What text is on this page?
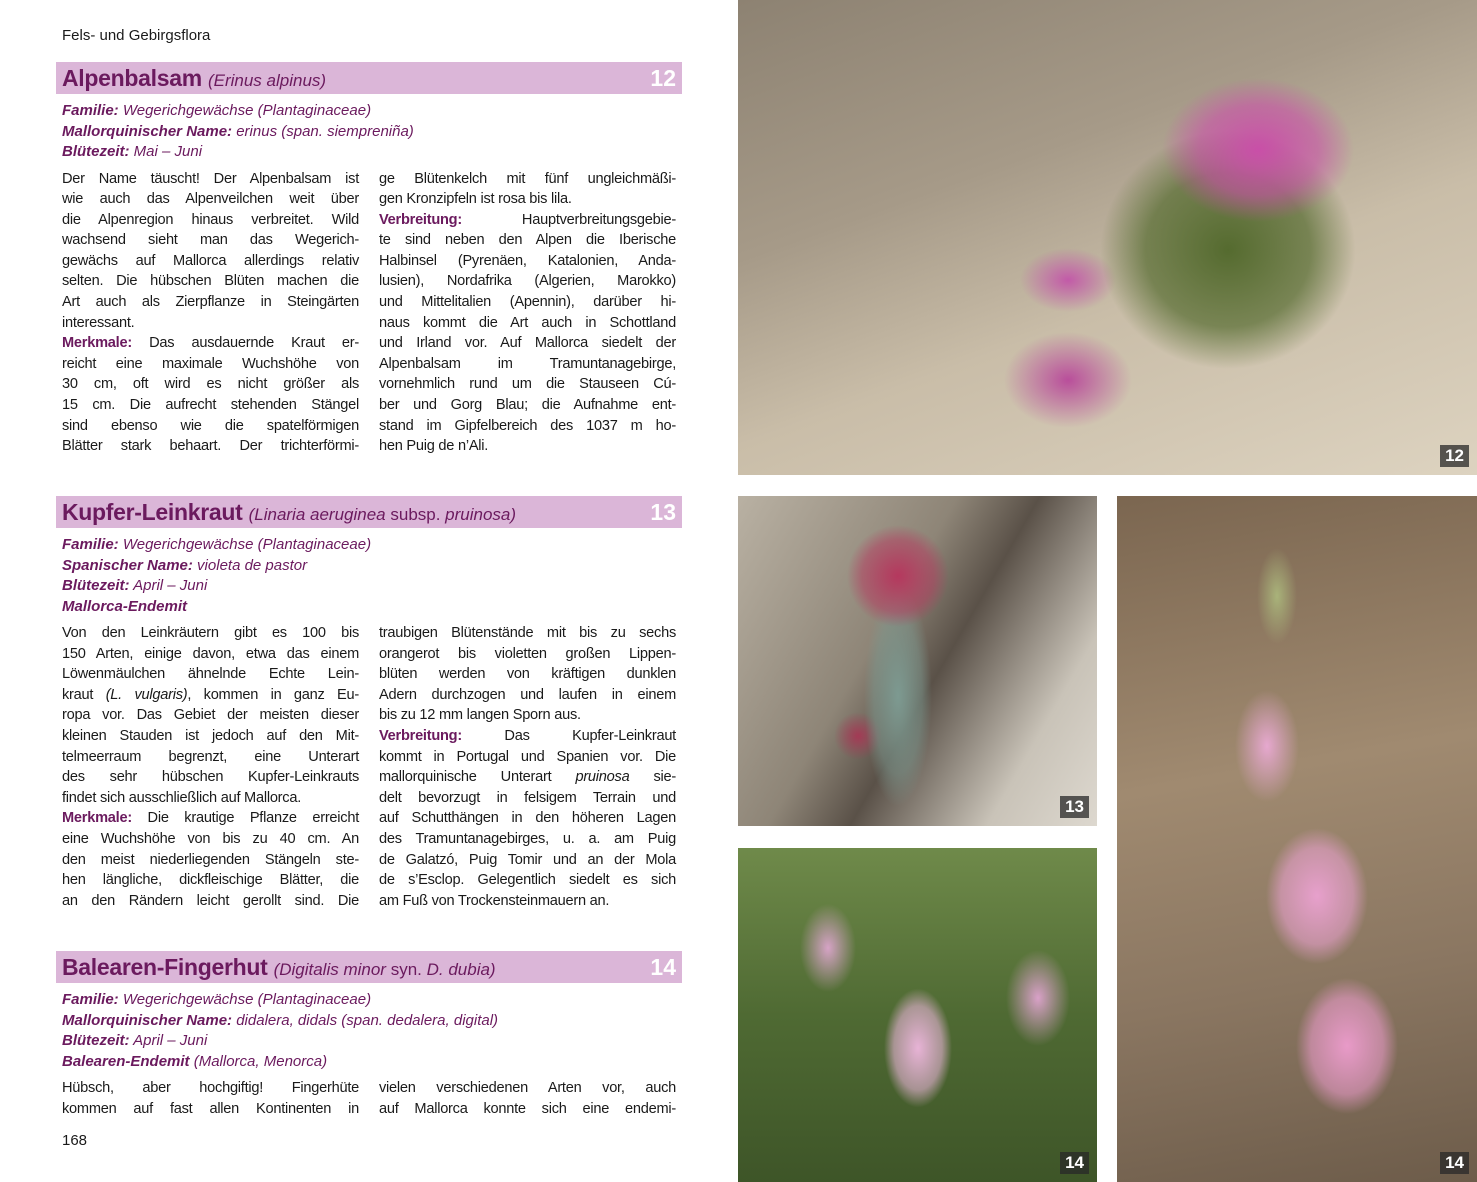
Fels- und Gebirgsflora
Alpenbalsam (Erinus alpinus)	12
Familie: Wegerichgewächse (Plantaginaceae)
Mallorquinischer Name: erinus (span. siempreniña)
Blütezeit: Mai – Juni
Der Name täuscht! Der Alpenbalsam ist
wie auch das Alpenveilchen weit über
die Alpenregion hinaus verbreitet. Wild
wachsend sieht man das Wegerich-
gewächs auf Mallorca allerdings relativ
selten. Die hübschen Blüten machen die
Art auch als Zierpflanze in Steingärten
interessant.
Merkmale: Das ausdauernde Kraut er-
reicht eine maximale Wuchshöhe von
30 cm, oft wird es nicht größer als
15 cm. Die aufrecht stehenden Stängel
sind ebenso wie die spatelförmigen
Blätter stark behaart. Der trichterförmi-
ge Blütenkelch mit fünf ungleichmäßi-
gen Kronzipfeln ist rosa bis lila.
Verbreitung: Hauptverbreitungsgebie-
te sind neben den Alpen die Iberische
Halbinsel (Pyrenäen, Katalonien, Anda-
lusien), Nordafrika (Algerien, Marokko)
und Mittelitalien (Apennin), darüber hi-
naus kommt die Art auch in Schottland
und Irland vor. Auf Mallorca siedelt der
Alpenbalsam im Tramuntanagebirge,
vornehmlich rund um die Stauseen Cú-
ber und Gorg Blau; die Aufnahme ent-
stand im Gipfelbereich des 1037 m ho-
hen Puig de n’Ali.
Kupfer-Leinkraut (Linaria aeruginea subsp. pruinosa)	13
Familie: Wegerichgewächse (Plantaginaceae)
Spanischer Name: violeta de pastor
Blütezeit: April – Juni
Mallorca-Endemit
Von den Leinkräutern gibt es 100 bis
150 Arten, einige davon, etwa das einem
Löwenmäulchen ähnelnde Echte Lein-
kraut (L. vulgaris), kommen in ganz Eu-
ropa vor. Das Gebiet der meisten dieser
kleinen Stauden ist jedoch auf den Mit-
telmeerraum begrenzt, eine Unterart
des sehr hübschen Kupfer-Leinkrauts
findet sich ausschließlich auf Mallorca.
Merkmale: Die krautige Pflanze erreicht
eine Wuchshöhe von bis zu 40 cm. An
den meist niederliegenden Stängeln ste-
hen längliche, dickfleischige Blätter, die
an den Rändern leicht gerollt sind. Die
traubigen Blütenstände mit bis zu sechs
orangerot bis violetten großen Lippen-
blüten werden von kräftigen dunklen
Adern durchzogen und laufen in einem
bis zu 12 mm langen Sporn aus.
Verbreitung: Das Kupfer-Leinkraut
kommt in Portugal und Spanien vor. Die
mallorquinische Unterart pruinosa sie-
delt bevorzugt in felsigem Terrain und
auf Schutthängen in den höheren Lagen
des Tramuntanagebirges, u. a. am Puig
de Galatzó, Puig Tomir und an der Mola
de s’Esclop. Gelegentlich siedelt es sich
am Fuß von Trockensteinmauern an.
Balearen-Fingerhut (Digitalis minor syn. D. dubia)	14
Familie: Wegerichgewächse (Plantaginaceae)
Mallorquinischer Name: didalera, didals (span. dedalera, digital)
Blütezeit: April – Juni
Balearen-Endemit (Mallorca, Menorca)
Hübsch, aber hochgiftig! Fingerhüte
kommen auf fast allen Kontinenten in
vielen verschiedenen Arten vor, auch
auf Mallorca konnte sich eine endemi-
12
13
14	14
168
